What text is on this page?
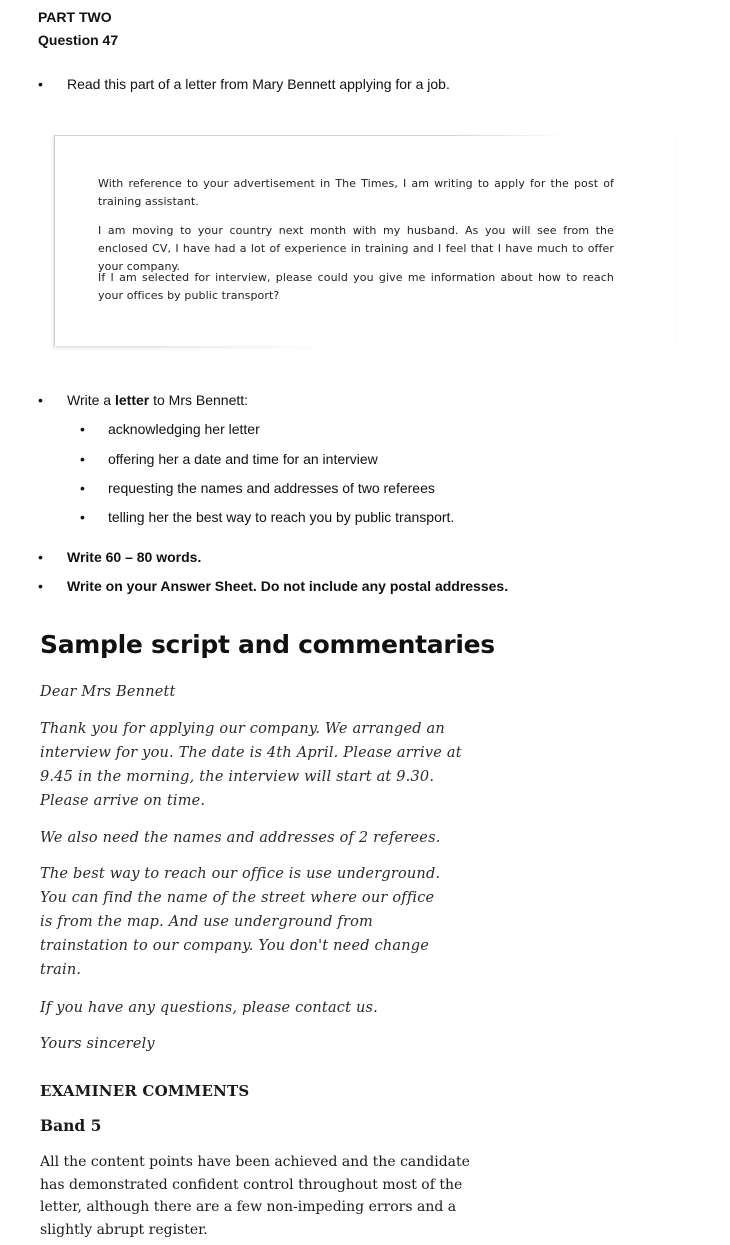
PART TWO
Question 47
• Read this part of a letter from Mary Bennett applying for a job.
With reference to your advertisement in The Times, I am writing to apply for the post of training assistant.
I am moving to your country next month with my husband. As you will see from the enclosed CV, I have had a lot of experience in training and I feel that I have much to offer your company.
If I am selected for interview, please could you give me information about how to reach your offices by public transport?
• Write a letter to Mrs Bennett:
• acknowledging her letter
• offering her a date and time for an interview
• requesting the names and addresses of two referees
• telling her the best way to reach you by public transport.
• Write 60 – 80 words.
• Write on your Answer Sheet. Do not include any postal addresses.
Sample script and commentaries
Dear Mrs Bennett
Thank you for applying our company. We arranged an
interview for you. The date is 4th April. Please arrive at
9.45 in the morning, the interview will start at 9.30.
Please arrive on time.
We also need the names and addresses of 2 referees.
The best way to reach our office is use underground.
You can find the name of the street where our office
is from the map. And use underground from
trainstation to our company. You don't need change
train.
If you have any questions, please contact us.
Yours sincerely
EXAMINER COMMENTS
Band 5
All the content points have been achieved and the candidate
has demonstrated confident control throughout most of the
letter, although there are a few non-impeding errors and a
slightly abrupt register.
